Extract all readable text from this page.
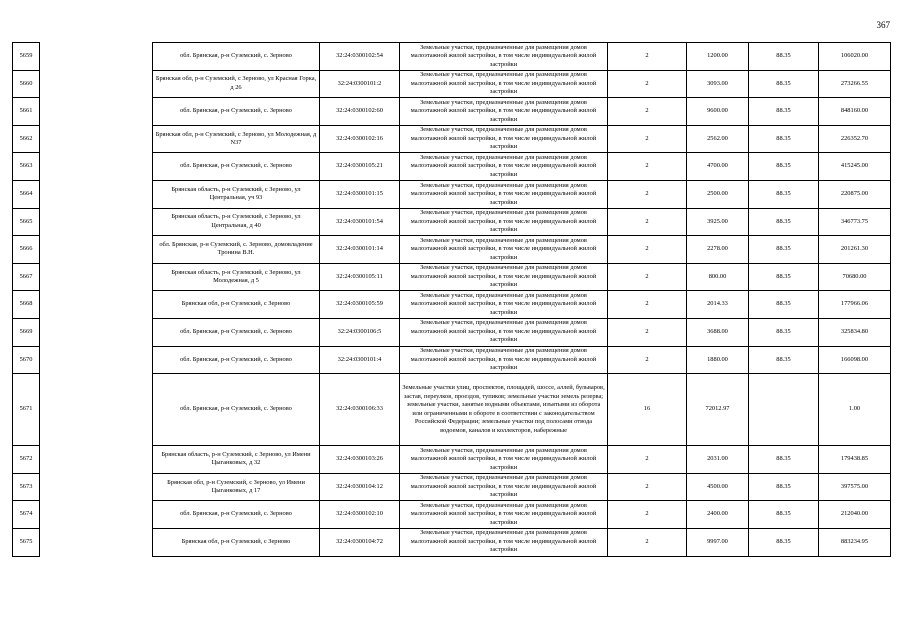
367
5659		обл. Брянская, р-н Суземский, с. Зерново	32:24:0300102:54	Земельные участки, предназначенные для размещения домов малоэтажной жилой застройки, в том числе индивидуальной жилой застройки	2	1200.00	88.35	106020.00
5660		Брянская обл, р-н Суземский, с Зерново, ул Красная Горка, д 26	32:24:0300101:2	Земельные участки, предназначенные для размещения домов малоэтажной жилой застройки, в том числе индивидуальной жилой застройки	2	3093.00	88.35	273266.55
5661		обл. Брянская, р-н Суземский, с. Зерново	32:24:0300102:60	Земельные участки, предназначенные для размещения домов малоэтажной жилой застройки, в том числе индивидуальной жилой застройки	2	9600.00	88.35	848160.00
5662		Брянская обл, р-н Суземский, с Зерново, ул Молодежная, д N37	32:24:0300102:16	Земельные участки, предназначенные для размещения домов малоэтажной жилой застройки, в том числе индивидуальной жилой застройки	2	2562.00	88.35	226352.70
5663		обл. Брянская, р-н Суземский, с. Зерново	32:24:0300105:21	Земельные участки, предназначенные для размещения домов малоэтажной жилой застройки, в том числе индивидуальной жилой застройки	2	4700.00	88.35	415245.00
5664		Брянская область, р-н Суземский, с Зерново, ул Центральная, уч 93	32:24:0300101:15	Земельные участки, предназначенные для размещения домов малоэтажной жилой застройки, в том числе индивидуальной жилой застройки	2	2500.00	88.35	220875.00
5665		Брянская область, р-н Суземский, с Зерново, ул Центральная, д 40	32:24:0300101:54	Земельные участки, предназначенные для размещения домов малоэтажной жилой застройки, в том числе индивидуальной жилой застройки	2	3925.00	88.35	346773.75
5666		обл. Брянская, р-н Суземский, с. Зерново, домовладение Тронина В.Н.	32:24:0300101:14	Земельные участки, предназначенные для размещения домов малоэтажной жилой застройки, в том числе индивидуальной жилой застройки	2	2278.00	88.35	201261.30
5667		Брянская область, р-н Суземский, с Зерново, ул Молодежная, д 5	32:24:0300105:11	Земельные участки, предназначенные для размещения домов малоэтажной жилой застройки, в том числе индивидуальной жилой застройки	2	800.00	88.35	70680.00
5668		Брянская обл, р-н Суземский, с Зерново	32:24:0300105:59	Земельные участки, предназначенные для размещения домов малоэтажной жилой застройки, в том числе индивидуальной жилой застройки	2	2014.33	88.35	177966.06
5669		обл. Брянская, р-н Суземский, с. Зерново	32:24:0300106:5	Земельные участки, предназначенные для размещения домов малоэтажной жилой застройки, в том числе индивидуальной жилой застройки	2	3688.00	88.35	325834.80
5670		обл. Брянская, р-н Суземский, с. Зерново	32:24:0300101:4	Земельные участки, предназначенные для размещения домов малоэтажной жилой застройки, в том числе индивидуальной жилой застройки	2	1880.00	88.35	166098.00
5671		обл. Брянская, р-н Суземский, с. Зерново	32:24:0300106:33	Земельные участки улиц, проспектов, площадей, шоссе, аллей, бульваров, застав, переулков, проездов, тупиков; земельные участки земель резерва; земельные участки, занятые водными объектами, изъятыми из оборота или ограниченными в обороте в соответствии с законодательством Российской Федерации; земельные участки под полосами отвода водоемов, каналов и коллекторов, набережные	16	72012.97		1.00
5672		Брянская область, р-н Суземский, с Зерново, ул Имени Цыганковых, д 32	32:24:0300103:26	Земельные участки, предназначенные для размещения домов малоэтажной жилой застройки, в том числе индивидуальной жилой застройки	2	2031.00	88.35	179438.85
5673		Брянская обл, р-н Суземский, с Зерново, ул Имени Цыганковых, д 17	32:24:0300104:12	Земельные участки, предназначенные для размещения домов малоэтажной жилой застройки, в том числе индивидуальной жилой застройки	2	4500.00	88.35	397575.00
5674		обл. Брянская, р-н Суземский, с. Зерново	32:24:0300102:10	Земельные участки, предназначенные для размещения домов малоэтажной жилой застройки, в том числе индивидуальной жилой застройки	2	2400.00	88.35	212040.00
5675		Брянская обл, р-н Суземский, с Зерново	32:24:0300104:72	Земельные участки, предназначенные для размещения домов малоэтажной жилой застройки, в том числе индивидуальной жилой застройки	2	9997.00	88.35	883234.95
